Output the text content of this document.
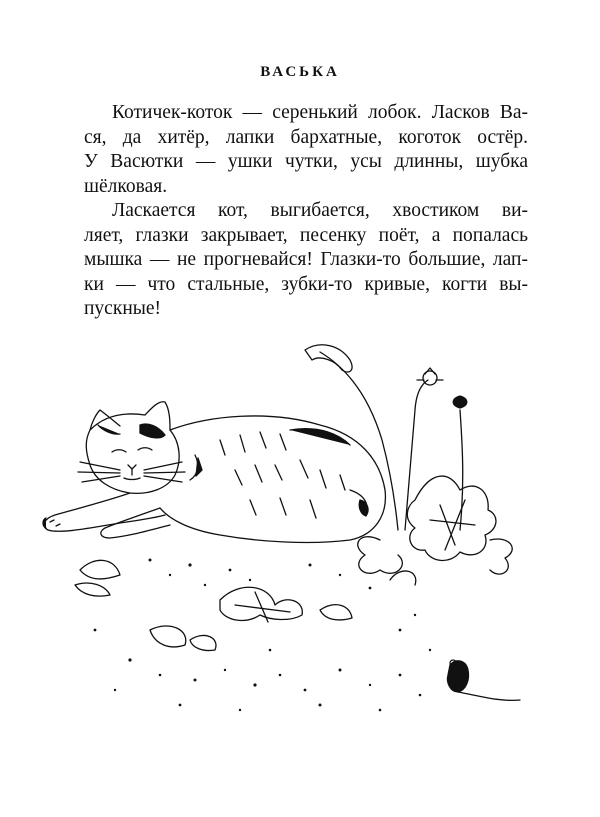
ВАСЬКА

Котичек-коток — серенький лобок. Ласков Ва-
ся, да хитёр, лапки бархатные, коготок остёр.
У Васютки — ушки чутки, усы длинны, шубка
шёлковая.

Ласкается кот, выгибается, хвостиком ви-
ляет, глазки закрывает, песенку поёт, а попалась
мышка — не прогневайся! Глазки-то большие, лап-
ки — что стальные, зубки-то кривые, когти вы-
пускные!
